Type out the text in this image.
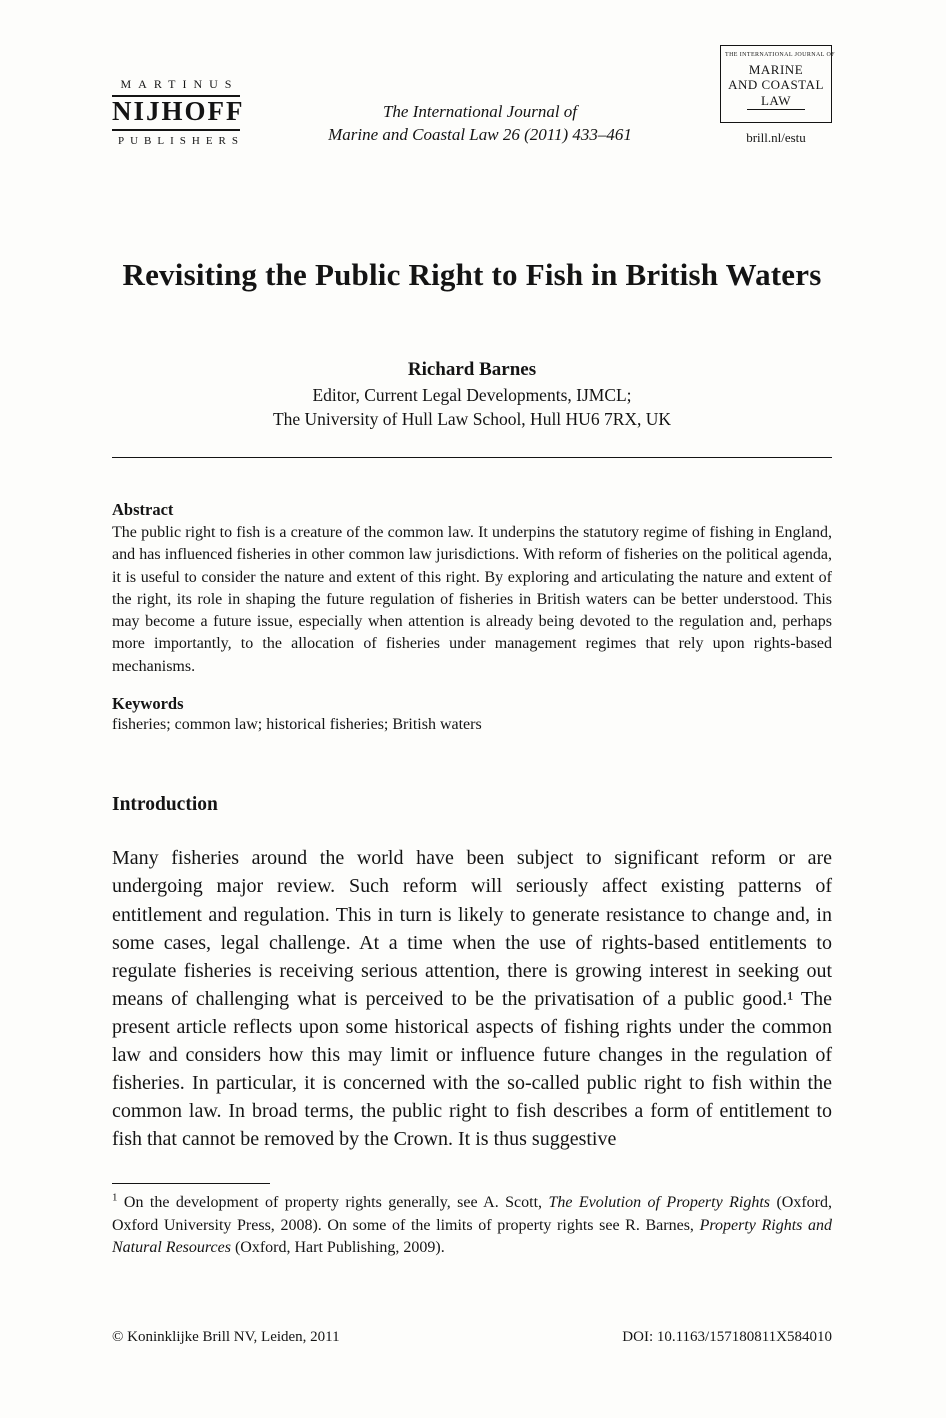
MARTINUS
NIJHOFF
PUBLISHERS
The International Journal of
Marine and Coastal Law 26 (2011) 433–461
THE INTERNATIONAL JOURNAL OF
MARINE
AND COASTAL
LAW
brill.nl/estu
Revisiting the Public Right to Fish in British Waters
Richard Barnes
Editor, Current Legal Developments, IJMCL;
The University of Hull Law School, Hull HU6 7RX, UK
Abstract

The public right to fish is a creature of the common law. It underpins the statutory regime of fishing in England, and has influenced fisheries in other common law jurisdictions. With reform of fisheries on the political agenda, it is useful to consider the nature and extent of this right. By exploring and articulating the nature and extent of the right, its role in shaping the future regulation of fisheries in British waters can be better understood. This may become a future issue, especially when attention is already being devoted to the regulation and, perhaps more importantly, to the allocation of fisheries under management regimes that rely upon rights-based mechanisms.

Keywords

fisheries; common law; historical fisheries; British waters

Introduction

Many fisheries around the world have been subject to significant reform or are undergoing major review. Such reform will seriously affect existing patterns of entitlement and regulation. This in turn is likely to generate resistance to change and, in some cases, legal challenge. At a time when the use of rights-based entitlements to regulate fisheries is receiving serious attention, there is growing interest in seeking out means of challenging what is perceived to be the privatisation of a public good.¹ The present article reflects upon some historical aspects of fishing rights under the common law and considers how this may limit or influence future changes in the regulation of fisheries. In particular, it is concerned with the so-called public right to fish within the common law. In broad terms, the public right to fish describes a form of entitlement to fish that cannot be removed by the Crown. It is thus suggestive

$^1$ On the development of property rights generally, see A. Scott, The Evolution of Property Rights (Oxford, Oxford University Press, 2008). On some of the limits of property rights see R. Barnes, Property Rights and Natural Resources (Oxford, Hart Publishing, 2009).

© Koninklijke Brill NV, Leiden, 2011	DOI: 10.1163/157180811X584010
